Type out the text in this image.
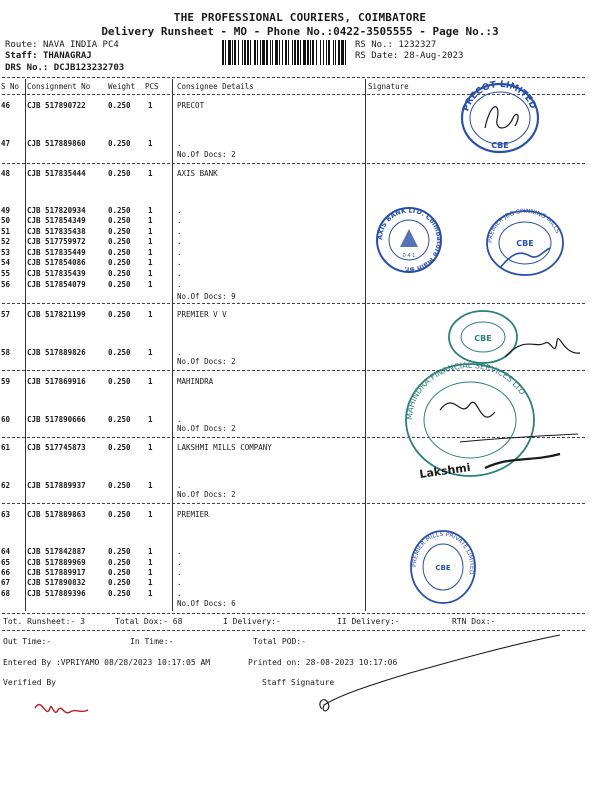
THE PROFESSIONAL COURIERS, COIMBATORE
Delivery Runsheet - MO - Phone No.:0422-3505555 - Page No.:3
Route: NAVA INDIA PC4
Staff: THANAGRAJ
DRS No.: DCJB123232703
RS No.: 1232327
RS Date: 28-Aug-2023
S No Consignment No Weight PCS Consignee Details	Signature
46 CJB 517890722	0.250 1	PRECOT
47 CJB 517889860	0.250 1	.
No.Of Docs: 2
48 CJB 517835444	0.250 1	AXIS BANK
49 CJB 517820934	0.250 1	.
50 CJB 517854349	0.250 1	.
51 CJB 517835438	0.250 1	.
52 CJB 517759972	0.250 1	.
53 CJB 517835449	0.250 1	.
54 CJB 517854086	0.250 1	.
55 CJB 517835439	0.250 1	.
56 CJB 517854079	0.250 1	.
No.Of Docs: 9
57 CJB 517821199	0.250 1	PREMIER V V
58 CJB 517889826	0.250 1	.
No.Of Docs: 2
59 CJB 517869916	0.250 1	MAHINDRA
60 CJB 517890666	0.250 1	.
No.Of Docs: 2
61 CJB 517745873	0.250 1	LAKSHMI MILLS COMPANY
62 CJB 517889937	0.250 1	.
No.Of Docs: 2
63 CJB 517889863	0.250 1	PREMIER
64 CJB 517842887	0.250 1	.
65 CJB 517889969	0.250 1	.
66 CJB 517889917	0.250 1	.
67 CJB 517890832	0.250 1	.
68 CJB 517889396	0.250 1	.
No.Of Docs: 6
PRECOT LIMITED
CBE
AXIS BANK LTD. Coimbatore Main Br.
0 4 1
PREMIER JBG SPINNING MILLS
CBE
CBE
MAHINDRA FINANCIAL SERVICES LTD
Lakshmi
PREMIER MILLS PRIVATE LIMITED
CBE
Tot. Runsheet:- 3	Total Dox:- 68	I Delivery:-	II Delivery:-	RTN Dox:-
Out Time:-	In Time:-	Total POD:-
Entered By :VPRIYAMO 08/28/2023 10:17:05 AM	Printed on: 28-08-2023 10:17:06
Verified By	Staff Signature
